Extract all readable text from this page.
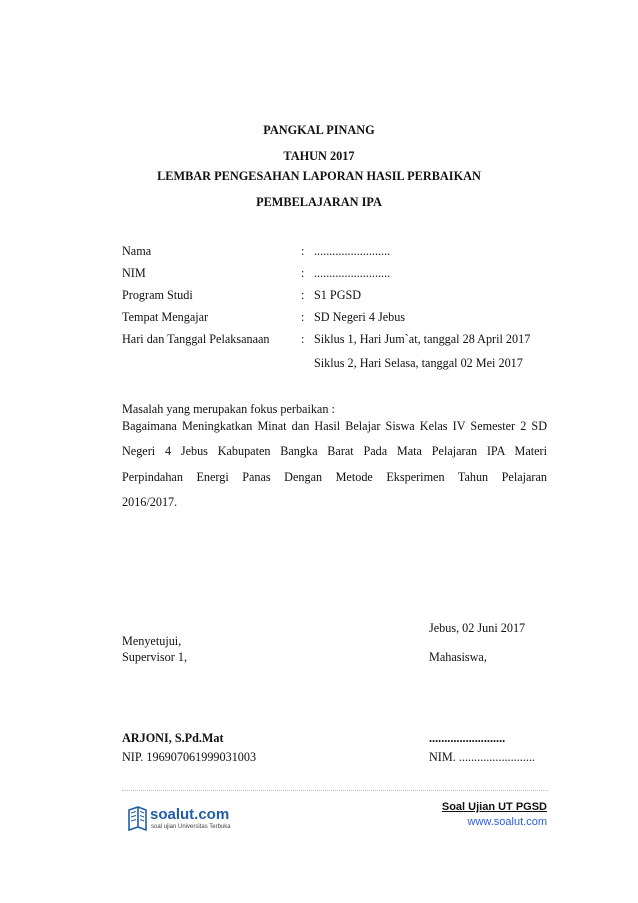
PANGKAL PINANG
TAHUN 2017
LEMBAR PENGESAHAN LAPORAN HASIL PERBAIKAN
PEMBELAJARAN IPA
Nama	: .........................
NIM	: .........................
Program Studi	: S1 PGSD
Tempat Mengajar	: SD Negeri 4 Jebus
Hari dan Tanggal Pelaksanaan	: Siklus 1, Hari Jum`at, tanggal 28 April 2017
Siklus 2, Hari Selasa, tanggal 02 Mei 2017
Masalah yang merupakan fokus perbaikan :
Bagaimana Meningkatkan Minat dan Hasil Belajar Siswa Kelas IV Semester 2 SD
Negeri 4 Jebus Kabupaten Bangka Barat Pada Mata Pelajaran IPA Materi
Perpindahan Energi Panas Dengan Metode Eksperimen Tahun Pelajaran
2016/2017.
Jebus, 02 Juni 2017
Menyetujui,
Supervisor 1,	Mahasiswa,
ARJONI, S.Pd.Mat	.........................
NIP. 196907061999031003	NIM. .........................
soalut.com
soal ujian Universitas Terbuka
Soal Ujian UT PGSD
www.soalut.com
